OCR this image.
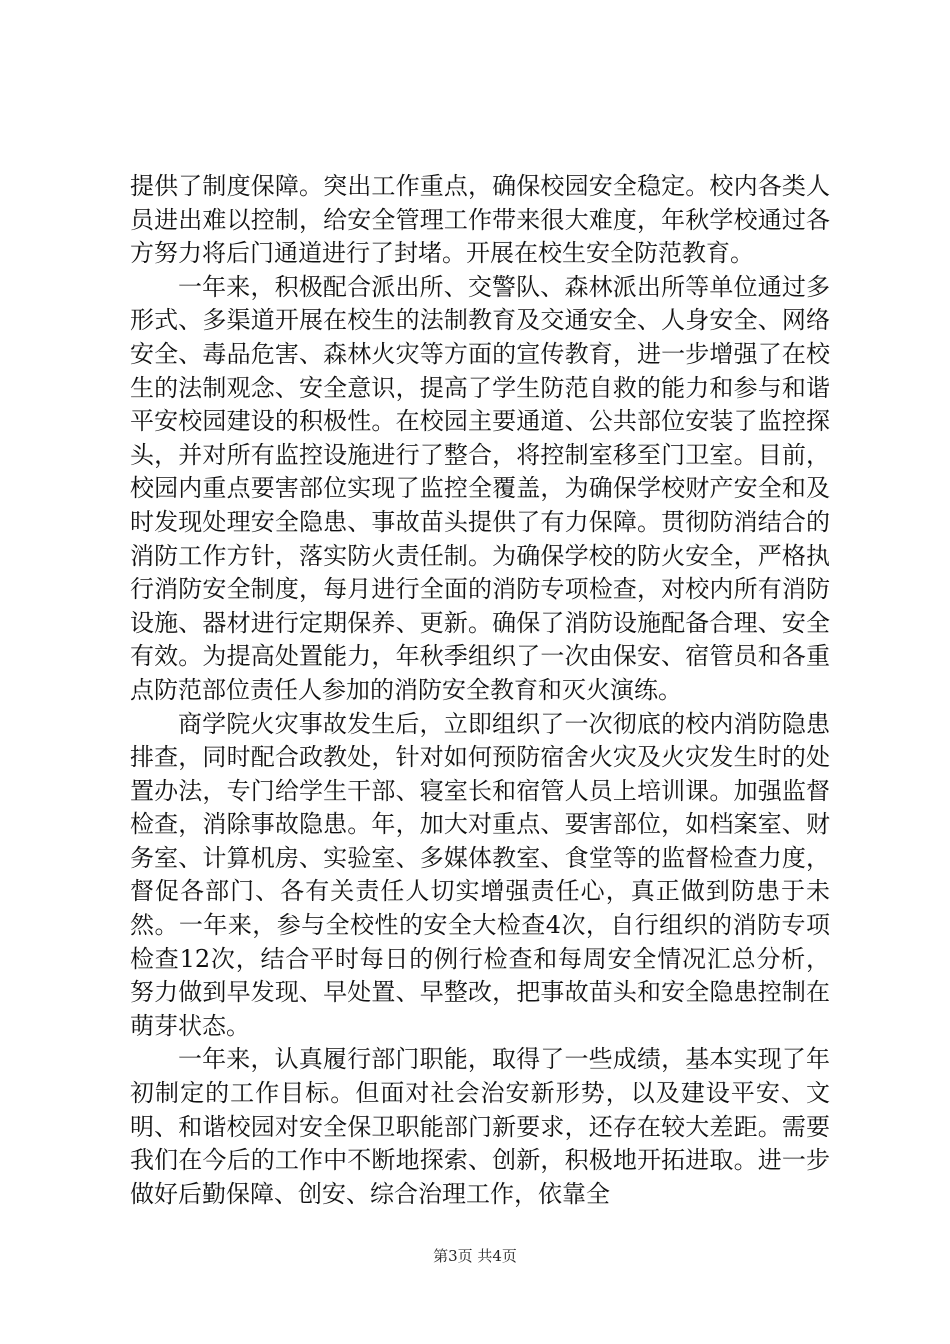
提供了制度保障。突出工作重点，确保校园安全稳定。校内各类人员进出难以控制，给安全管理工作带来很大难度，年秋学校通过各方努力将后门通道进行了封堵。开展在校生安全防范教育。

一年来，积极配合派出所、交警队、森林派出所等单位通过多形式、多渠道开展在校生的法制教育及交通安全、人身安全、网络安全、毒品危害、森林火灾等方面的宣传教育，进一步增强了在校生的法制观念、安全意识，提高了学生防范自救的能力和参与和谐平安校园建设的积极性。在校园主要通道、公共部位安装了监控探头，并对所有监控设施进行了整合，将控制室移至门卫室。目前，校园内重点要害部位实现了监控全覆盖，为确保学校财产安全和及时发现处理安全隐患、事故苗头提供了有力保障。贯彻防消结合的消防工作方针，落实防火责任制。为确保学校的防火安全，严格执行消防安全制度，每月进行全面的消防专项检查，对校内所有消防设施、器材进行定期保养、更新。确保了消防设施配备合理、安全有效。为提高处置能力，年秋季组织了一次由保安、宿管员和各重点防范部位责任人参加的消防安全教育和灭火演练。

商学院火灾事故发生后，立即组织了一次彻底的校内消防隐患排查，同时配合政教处，针对如何预防宿舍火灾及火灾发生时的处置办法，专门给学生干部、寝室长和宿管人员上培训课。加强监督检查，消除事故隐患。年，加大对重点、要害部位，如档案室、财务室、计算机房、实验室、多媒体教室、食堂等的监督检查力度，督促各部门、各有关责任人切实增强责任心，真正做到防患于未然。一年来，参与全校性的安全大检查4次，自行组织的消防专项检查12次，结合平时每日的例行检查和每周安全情况汇总分析，努力做到早发现、早处置、早整改，把事故苗头和安全隐患控制在萌芽状态。

一年来，认真履行部门职能，取得了一些成绩，基本实现了年初制定的工作目标。但面对社会治安新形势，以及建设平安、文明、和谐校园对安全保卫职能部门新要求，还存在较大差距。需要我们在今后的工作中不断地探索、创新，积极地开拓进取。进一步做好后勤保障、创安、综合治理工作，依靠全

第3页 共4页
